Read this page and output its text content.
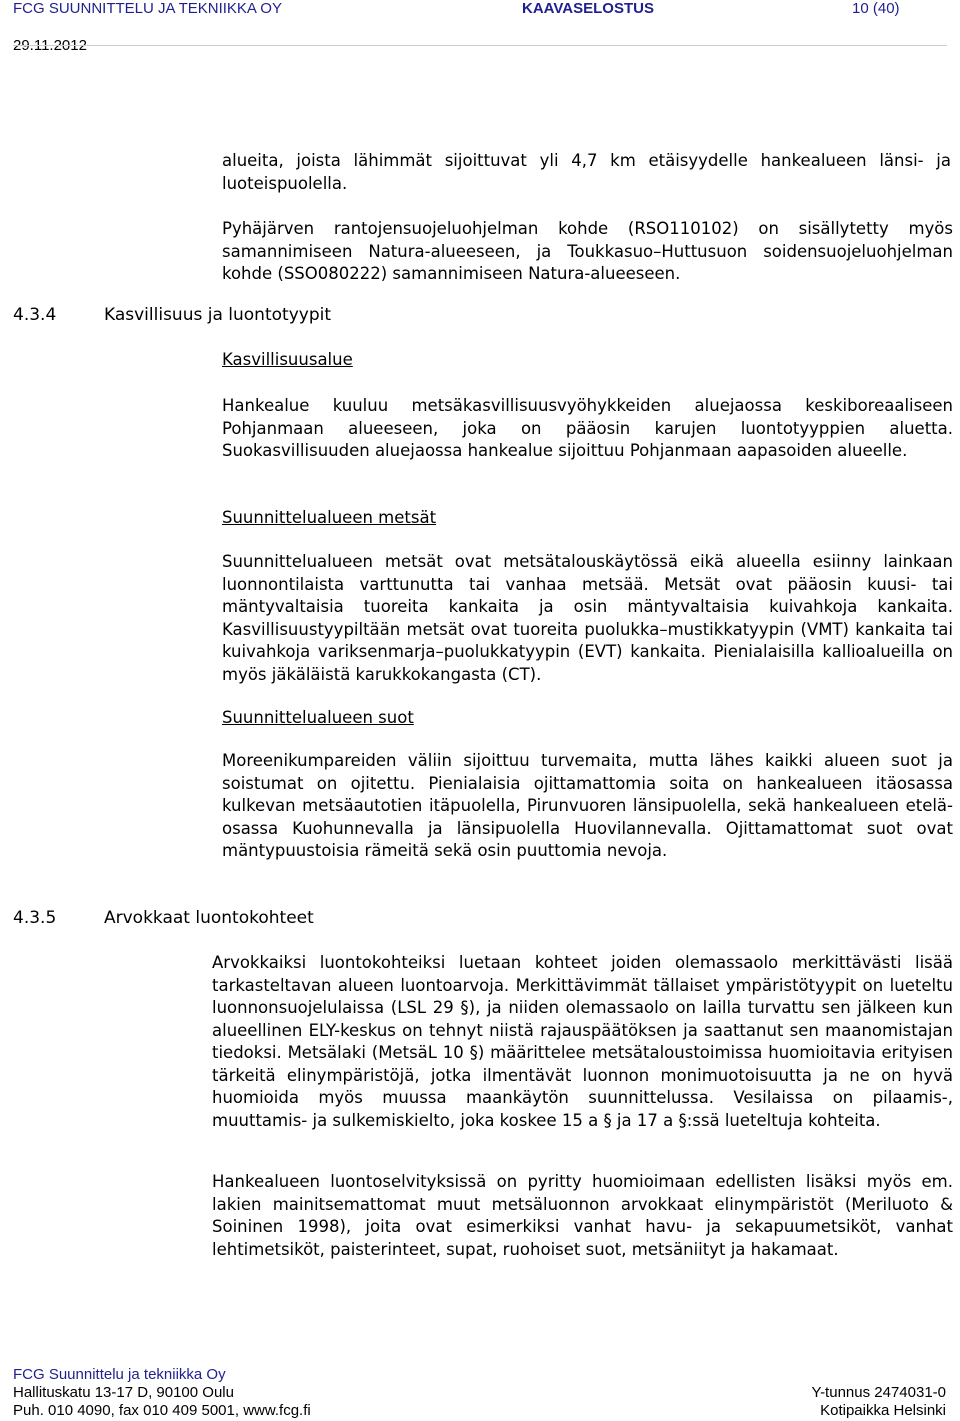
FCG SUUNNITTELU JA TEKNIIKKA OY	KAAVASELOSTUS	10 (40)
29.11.2012

alueita, joista lähimmät sijoittuvat yli 4,7 km etäisyydelle hankealueen länsi- ja luoteispuolella.

Pyhäjärven rantojensuojeluohjelman kohde (RSO110102) on sisällytetty myös samannimiseen Natura-alueeseen, ja Toukkasuo–Huttusuon soidensuojeluohjelman kohde (SSO080222) samannimiseen Natura-alueeseen.

4.3.4	Kasvillisuus ja luontotyypit

Kasvillisuusalue

Hankealue kuuluu metsäkasvillisuusvyöhykkeiden aluejaossa keskiboreaaliseen Pohjanmaan alueeseen, joka on pääosin karujen luontotyyppien aluetta. Suokasvillisuuden aluejaossa hankealue sijoittuu Pohjanmaan aapasoiden alueelle.

Suunnittelualueen metsät

Suunnittelualueen metsät ovat metsätalouskäytössä eikä alueella esiinny lainkaan luonnontilaista varttunutta tai vanhaa metsää. Metsät ovat pääosin kuusi- tai mäntyvaltaisia tuoreita kankaita ja osin mäntyvaltaisia kuivahkoja kankaita. Kasvillisuustyypiltään metsät ovat tuoreita puolukka–mustikkatyypin (VMT) kankaita tai kuivahkoja variksenmarja–puolukkatyypin (EVT) kankaita. Pienialaisilla kallioalueilla on myös jäkäläistä karukkokangasta (CT).

Suunnittelualueen suot

Moreenikumpareiden väliin sijoittuu turvemaita, mutta lähes kaikki alueen suot ja soistumat on ojitettu. Pienialaisia ojittamattomia soita on hankealueen itäosassa kulkevan metsäautotien itäpuolella, Pirunvuoren länsipuolella, sekä hankealueen etelä-osassa Kuohunnevalla ja länsipuolella Huovilannevalla. Ojittamattomat suot ovat mäntypuustoisia rämeitä sekä osin puuttomia nevoja.

4.3.5	Arvokkaat luontokohteet

Arvokkaiksi luontokohteiksi luetaan kohteet joiden olemassaolo merkittävästi lisää tarkasteltavan alueen luontoarvoja. Merkittävimmät tällaiset ympäristötyypit on lueteltu luonnonsuojelulaissa (LSL 29 §), ja niiden olemassaolo on lailla turvattu sen jälkeen kun alueellinen ELY-keskus on tehnyt niistä rajauspäätöksen ja saattanut sen maanomistajan tiedoksi. Metsälaki (MetsäL 10 §) määrittelee metsätaloustoimissa huomioitavia erityisen tärkeitä elinympäristöjä, jotka ilmentävät luonnon monimuotoisuutta ja ne on hyvä huomioida myös muussa maankäytön suunnittelussa. Vesilaissa on pilaamis-, muuttamis- ja sulkemiskielto, joka koskee 15 a § ja 17 a §:ssä lueteltuja kohteita.

Hankealueen luontoselvityksissä on pyritty huomioimaan edellisten lisäksi myös em. lakien mainitsemattomat muut metsäluonnon arvokkaat elinympäristöt (Meriluoto & Soininen 1998), joita ovat esimerkiksi vanhat havu- ja sekapuumetsiköt, vanhat lehtimetsiköt, paisterinteet, supat, ruohoiset suot, metsäniityt ja hakamaat.

FCG Suunnittelu ja tekniikka Oy
Hallituskatu 13-17 D, 90100 Oulu
Puh. 010 4090, fax 010 409 5001, www.fcg.fi
Y-tunnus 2474031-0
Kotipaikka Helsinki
